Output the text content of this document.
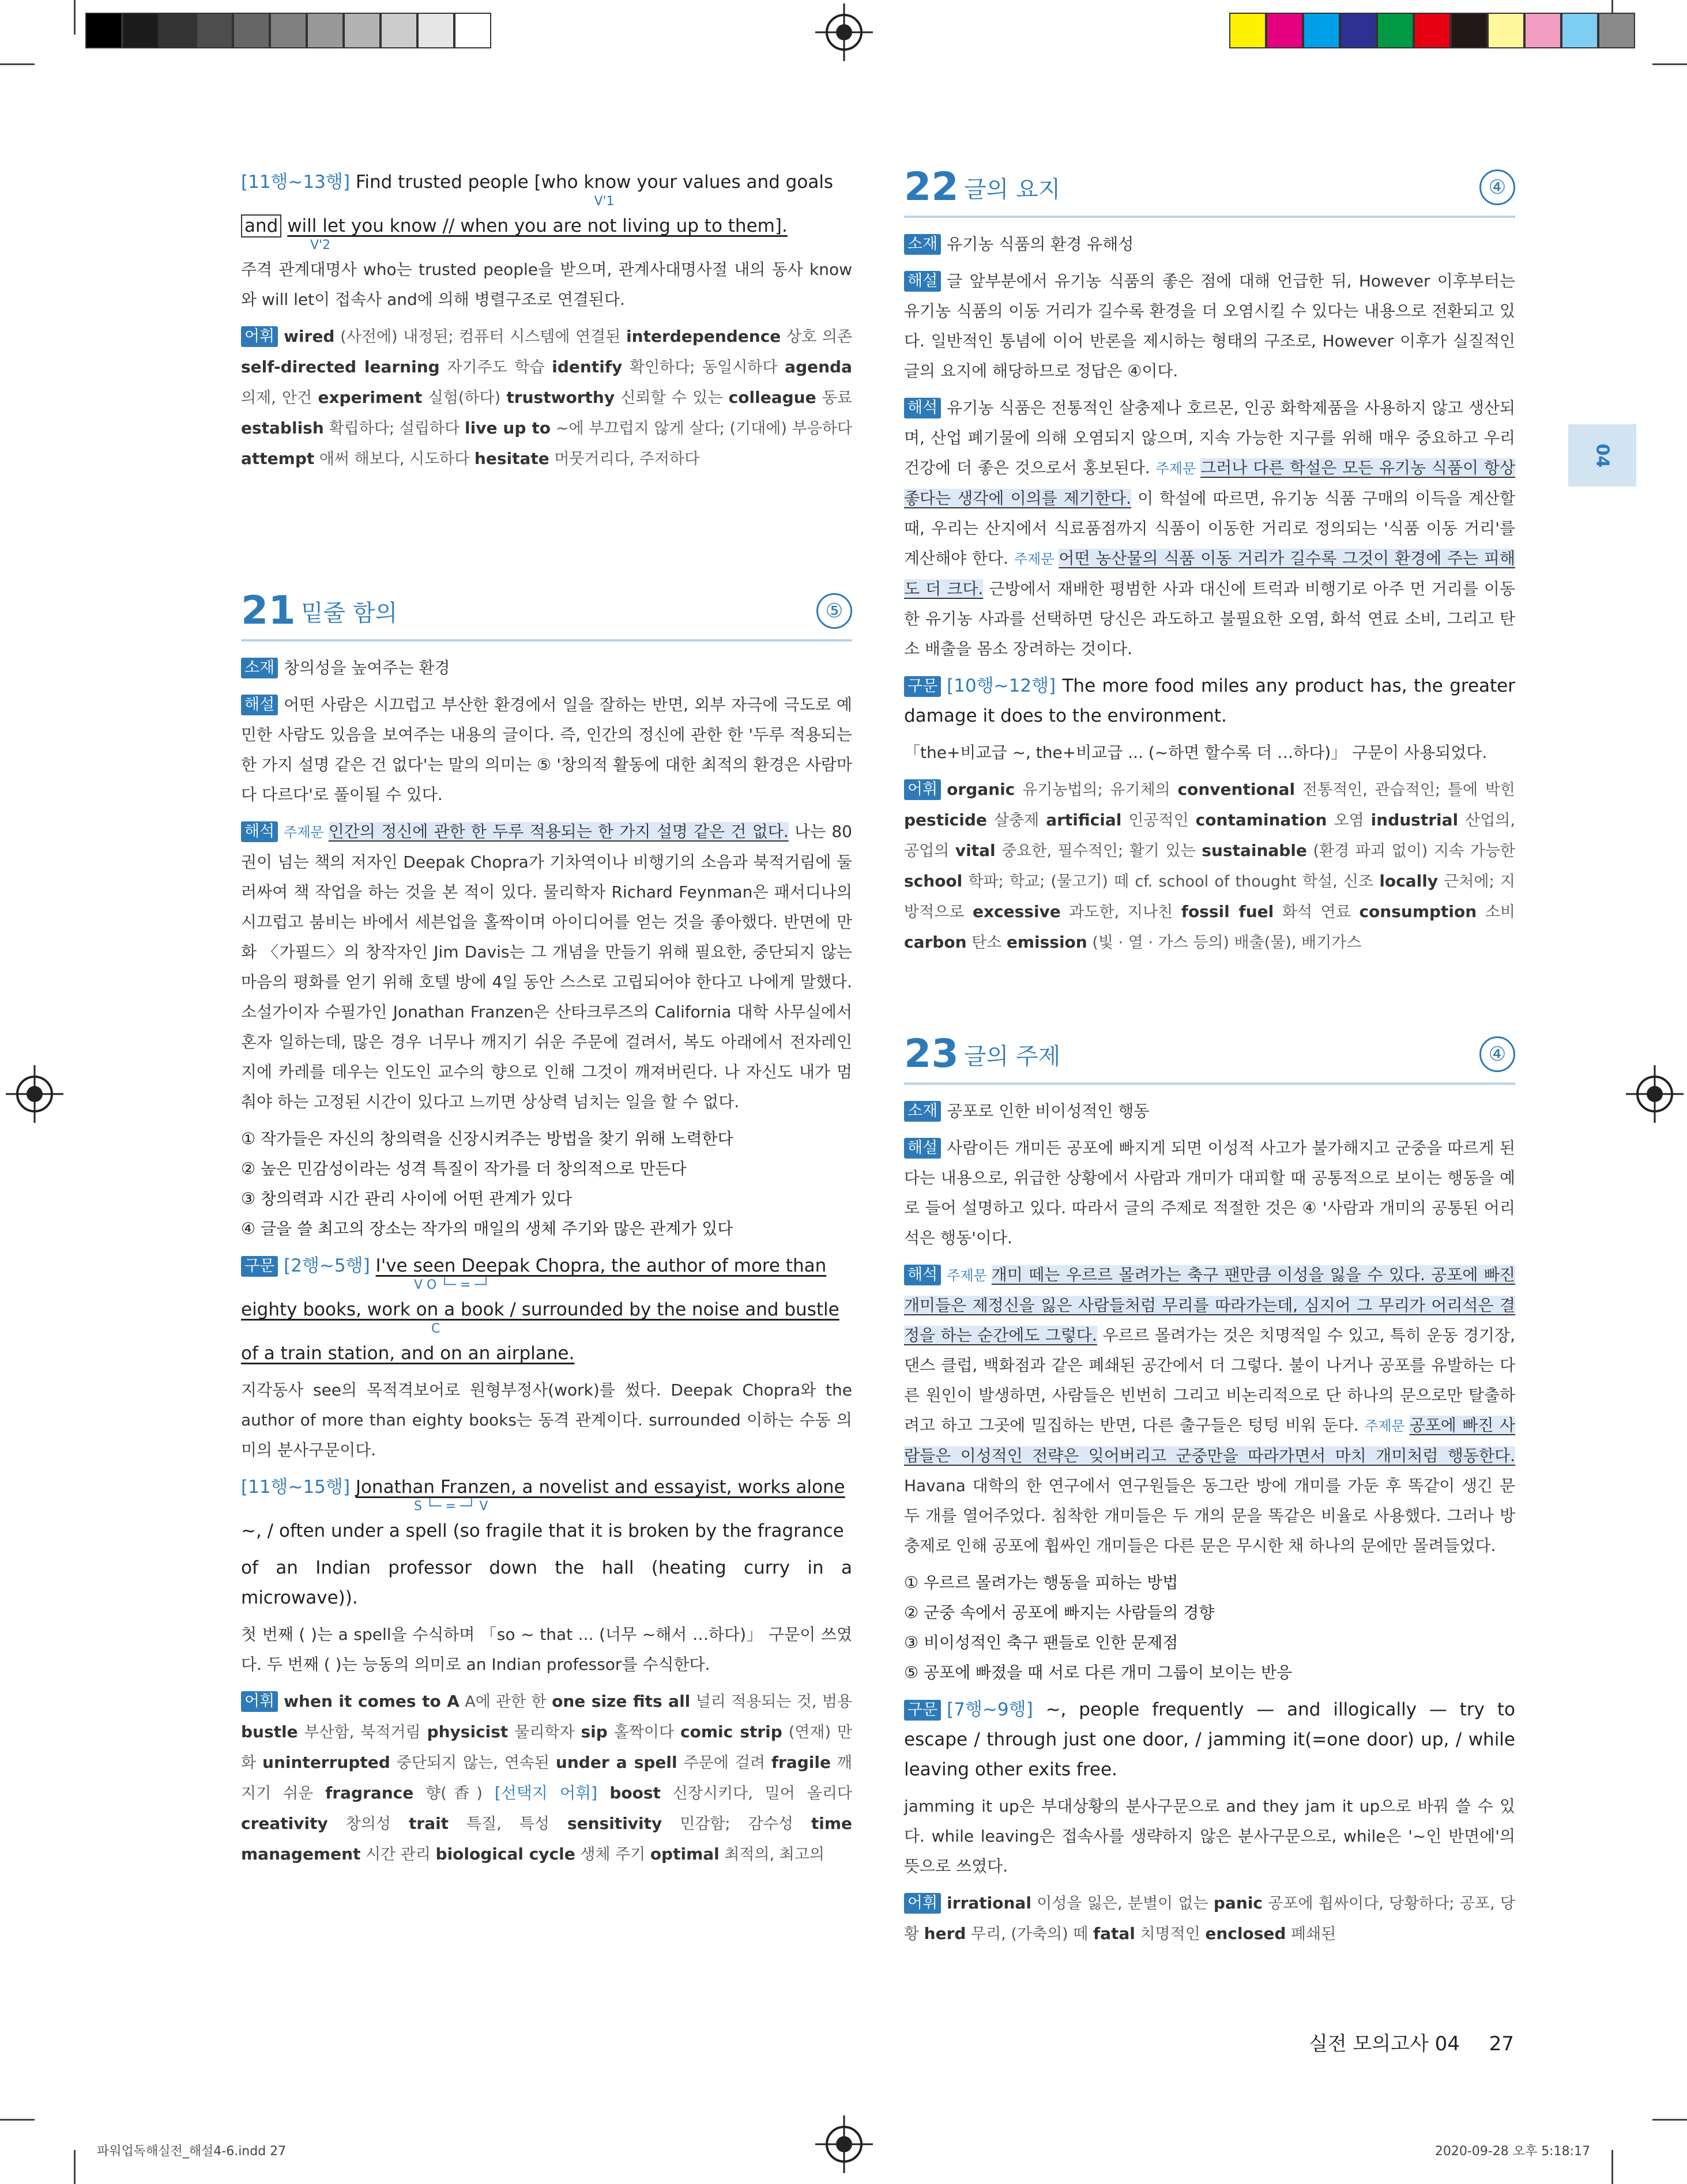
04

[11행~13행] Find trusted people [who know your values and goals

V'1

and will let you know // when you are not living up to them].

V'2

주격 관계대명사 who는 trusted people을 받으며, 관계사대명사절 내의 동사 know와 will let이 접속사 and에 의해 병렬구조로 연결된다.

어휘 wired (사전에) 내정된; 컴퓨터 시스템에 연결된 interdependence 상호 의존 self-directed learning 자기주도 학습 identify 확인하다; 동일시하다 agenda 의제, 안건 experiment 실험(하다) trustworthy 신뢰할 수 있는 colleague 동료 establish 확립하다; 설립하다 live up to ~에 부끄럽지 않게 살다; (기대에) 부응하다 attempt 애써 해보다, 시도하다 hesitate 머뭇거리다, 주저하다

21 밑줄 함의	⑤

소재 창의성을 높여주는 환경

해설 어떤 사람은 시끄럽고 부산한 환경에서 일을 잘하는 반면, 외부 자극에 극도로 예민한 사람도 있음을 보여주는 내용의 글이다. 즉, 인간의 정신에 관한 한 '두루 적용되는 한 가지 설명 같은 건 없다'는 말의 의미는 ⑤ '창의적 활동에 대한 최적의 환경은 사람마다 다르다'로 풀이될 수 있다.

해석 주제문 인간의 정신에 관한 한 두루 적용되는 한 가지 설명 같은 건 없다. 나는 80권이 넘는 책의 저자인 Deepak Chopra가 기차역이나 비행기의 소음과 북적거림에 둘러싸여 책 작업을 하는 것을 본 적이 있다. 물리학자 Richard Feynman은 패서디나의 시끄럽고 붐비는 바에서 세븐업을 홀짝이며 아이디어를 얻는 것을 좋아했다. 반면에 만화 〈가필드〉의 창작자인 Jim Davis는 그 개념을 만들기 위해 필요한, 중단되지 않는 마음의 평화를 얻기 위해 호텔 방에 4일 동안 스스로 고립되어야 한다고 나에게 말했다. 소설가이자 수필가인 Jonathan Franzen은 산타크루즈의 California 대학 사무실에서 혼자 일하는데, 많은 경우 너무나 깨지기 쉬운 주문에 걸려서, 복도 아래에서 전자레인지에 카레를 데우는 인도인 교수의 향으로 인해 그것이 깨져버린다. 나 자신도 내가 멈춰야 하는 고정된 시간이 있다고 느끼면 상상력 넘치는 일을 할 수 없다.

① 작가들은 자신의 창의력을 신장시켜주는 방법을 찾기 위해 노력한다
② 높은 민감성이라는 성격 특질이 작가를 더 창의적으로 만든다
③ 창의력과 시간 관리 사이에 어떤 관계가 있다
④ 글을 쓸 최고의 장소는 작가의 매일의 생체 주기와 많은 관계가 있다

구문 [2행~5행] I've seen Deepak Chopra, the author of more than

V O └─ = ─┘

eighty books, work on a book / surrounded by the noise and bustle

C

of a train station, and on an airplane.

지각동사 see의 목적격보어로 원형부정사(work)를 썼다. Deepak Chopra와 the author of more than eighty books는 동격 관계이다. surrounded 이하는 수동 의미의 분사구문이다.

[11행~15행] Jonathan Franzen, a novelist and essayist, works alone

S └─ = ─┘ V

~, / often under a spell (so fragile that it is broken by the fragrance

of an Indian professor down the hall (heating curry in a microwave)).

첫 번째 ( )는 a spell을 수식하며 「so ~ that ... (너무 ~해서 …하다)」 구문이 쓰였다. 두 번째 ( )는 능동의 의미로 an Indian professor를 수식한다.

어휘 when it comes to A A에 관한 한 one size fits all 널리 적용되는 것, 범용 bustle 부산함, 북적거림 physicist 물리학자 sip 홀짝이다 comic strip (연재) 만화 uninterrupted 중단되지 않는, 연속된 under a spell 주문에 걸려 fragile 깨지기 쉬운 fragrance 향(香) [선택지 어휘] boost 신장시키다, 밀어 올리다 creativity 창의성 trait 특질, 특성 sensitivity 민감함; 감수성 time management 시간 관리 biological cycle 생체 주기 optimal 최적의, 최고의

22 글의 요지	④

소재 유기농 식품의 환경 유해성

해설 글 앞부분에서 유기농 식품의 좋은 점에 대해 언급한 뒤, However 이후부터는 유기농 식품의 이동 거리가 길수록 환경을 더 오염시킬 수 있다는 내용으로 전환되고 있다. 일반적인 통념에 이어 반론을 제시하는 형태의 구조로, However 이후가 실질적인 글의 요지에 해당하므로 정답은 ④이다.

해석 유기농 식품은 전통적인 살충제나 호르몬, 인공 화학제품을 사용하지 않고 생산되며, 산업 폐기물에 의해 오염되지 않으며, 지속 가능한 지구를 위해 매우 중요하고 우리 건강에 더 좋은 것으로서 홍보된다. 주제문 그러나 다른 학설은 모든 유기농 식품이 항상 좋다는 생각에 이의를 제기한다. 이 학설에 따르면, 유기농 식품 구매의 이득을 계산할 때, 우리는 산지에서 식료품점까지 식품이 이동한 거리로 정의되는 '식품 이동 거리'를 계산해야 한다. 주제문 어떤 농산물의 식품 이동 거리가 길수록 그것이 환경에 주는 피해도 더 크다. 근방에서 재배한 평범한 사과 대신에 트럭과 비행기로 아주 먼 거리를 이동한 유기농 사과를 선택하면 당신은 과도하고 불필요한 오염, 화석 연료 소비, 그리고 탄소 배출을 몸소 장려하는 것이다.

구문 [10행~12행] The more food miles any product has, the greater damage it does to the environment.

「the+비교급 ~, the+비교급 ... (~하면 할수록 더 …하다)」 구문이 사용되었다.

어휘 organic 유기농법의; 유기체의 conventional 전통적인, 관습적인; 틀에 박힌 pesticide 살충제 artificial 인공적인 contamination 오염 industrial 산업의, 공업의 vital 중요한, 필수적인; 활기 있는 sustainable (환경 파괴 없이) 지속 가능한 school 학파; 학교; (물고기) 떼 cf. school of thought 학설, 신조 locally 근처에; 지방적으로 excessive 과도한, 지나친 fossil fuel 화석 연료 consumption 소비 carbon 탄소 emission (빛 · 열 · 가스 등의) 배출(물), 배기가스

23 글의 주제	④

소재 공포로 인한 비이성적인 행동

해설 사람이든 개미든 공포에 빠지게 되면 이성적 사고가 불가해지고 군중을 따르게 된다는 내용으로, 위급한 상황에서 사람과 개미가 대피할 때 공통적으로 보이는 행동을 예로 들어 설명하고 있다. 따라서 글의 주제로 적절한 것은 ④ '사람과 개미의 공통된 어리석은 행동'이다.

해석 주제문 개미 떼는 우르르 몰려가는 축구 팬만큼 이성을 잃을 수 있다. 공포에 빠진 개미들은 제정신을 잃은 사람들처럼 무리를 따라가는데, 심지어 그 무리가 어리석은 결정을 하는 순간에도 그렇다. 우르르 몰려가는 것은 치명적일 수 있고, 특히 운동 경기장, 댄스 클럽, 백화점과 같은 폐쇄된 공간에서 더 그렇다. 불이 나거나 공포를 유발하는 다른 원인이 발생하면, 사람들은 빈번히 그리고 비논리적으로 단 하나의 문으로만 탈출하려고 하고 그곳에 밀집하는 반면, 다른 출구들은 텅텅 비워 둔다. 주제문 공포에 빠진 사람들은 이성적인 전략은 잊어버리고 군중만을 따라가면서 마치 개미처럼 행동한다. Havana 대학의 한 연구에서 연구원들은 동그란 방에 개미를 가둔 후 똑같이 생긴 문 두 개를 열어주었다. 침착한 개미들은 두 개의 문을 똑같은 비율로 사용했다. 그러나 방충제로 인해 공포에 휩싸인 개미들은 다른 문은 무시한 채 하나의 문에만 몰려들었다.

① 우르르 몰려가는 행동을 피하는 방법
② 군중 속에서 공포에 빠지는 사람들의 경향
③ 비이성적인 축구 팬들로 인한 문제점
⑤ 공포에 빠졌을 때 서로 다른 개미 그룹이 보이는 반응

구문 [7행~9행] ~, people frequently — and illogically — try to escape / through just one door, / jamming it(=one door) up, / while leaving other exits free.

jamming it up은 부대상황의 분사구문으로 and they jam it up으로 바꿔 쓸 수 있다. while leaving은 접속사를 생략하지 않은 분사구문으로, while은 '~인 반면에'의 뜻으로 쓰였다.

어휘 irrational 이성을 잃은, 분별이 없는 panic 공포에 휩싸이다, 당황하다; 공포, 당황 herd 무리, (가축의) 떼 fatal 치명적인 enclosed 폐쇄된

실전 모의고사 04 27
파워업독해실전_해설4-6.indd 27	2020-09-28 오후 5:18:17
